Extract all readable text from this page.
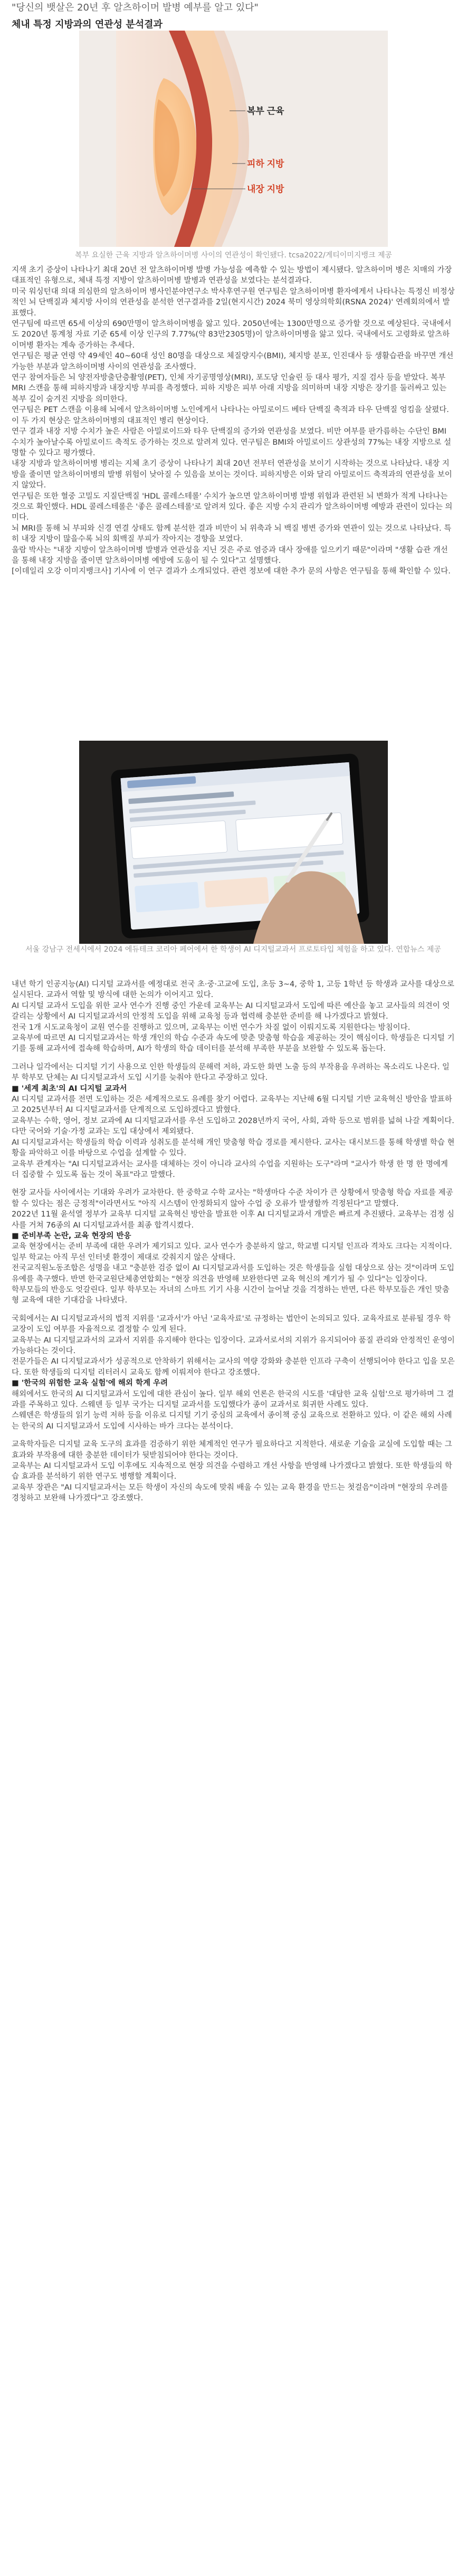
"당신의 뱃살은 20년 후 알츠하이머 발병 예부를 알고 있다"
체내 특정 지방과의 연관성 분석결과
복부 근육
피하 지방
내장 지방
복부 요실한 근육 지방과 알츠하이머병 사이의 연관성이 확인됐다. tcsa2022/게티이미지뱅크 제공

지색 초기 증상이 나타나기 최대 20년 전 알츠하이머병 발병 가능성을 예측할 수 있는 방법이 제시됐다. 알츠하이머 병은 치매의 가장 대표적인 유형으로, 체내 특정 지방이 알츠하이머병 발병과 연관성을 보였다는 분석결과다.

미국 워싱턴대 의대 의심한의 알츠하이머 병사인분야연구소 박사후연구원 연구팀은 알츠하이머병 환자에게서 나타나는 특정신 비정상적인 뇌 단백질과 체지방 사이의 연관성을 분석한 연구결과를 2일(현지시간) 2024 북미 영상의학회(RSNA 2024)' 연례회의에서 발표했다.

연구팀에 따르면 65세 이상의 690만명이 알츠하이머병을 앓고 있다. 2050년에는 1300만명으로 증가할 것으로 예상된다. 국내에서도 2020년 통계청 자료 기준 65세 이상 인구의 7.77%(약 83만2305명)이 알츠하이머병을 앓고 있다. 국내에서도 고령화로 알츠하이머병 환자는 계속 증가하는 추세다.

연구팀은 평균 연령 약 49세인 40~60대 성인 80명을 대상으로 체질량지수(BMI), 체지방 분포, 인진대사 등 생활습관을 바꾸면 개선 가능한 부분과 알츠하이머병 사이의 연관성을 조사했다.

연구 참여자들은 뇌 양전자방출단층촬영(PET), 인체 자기공명영상(MRI), 포도당 인슐린 등 대사 평가, 지질 검사 등을 받았다. 복부 MRI 스캔을 통해 피하지방과 내장지방 부피를 측정했다. 피하 지방은 피부 아래 지방을 의미하며 내장 지방은 장기를 둘러싸고 있는 복부 깊이 숨겨진 지방을 의미한다.

연구팀은 PET 스캔을 이용해 뇌에서 알츠하이머병 노인에게서 나타나는 아밀로이드 베타 단백질 축적과 타우 단백질 엉킴을 살폈다. 이 두 가지 현상은 알츠하이머병의 대표적인 병리 현상이다.

연구 결과 내장 지방 수치가 높은 사람은 아밀로이드와 타우 단백질의 증가와 연관성을 보였다. 비만 여부를 판가름하는 수단인 BMI 수치가 높아날수록 아밀로이드 축적도 증가하는 것으로 알려져 있다. 연구팀은 BMI와 아밀로이드 상관성의 77%는 내장 지방으로 설명할 수 있다고 평가했다.

내장 지방과 알츠하이머병 병리는 지체 초기 증상이 나타나기 최대 20년 전부터 연관성을 보이기 시작하는 것으로 나타났다. 내장 지방을 줄이면 알츠하이머병의 발병 위험이 낮아질 수 있음을 보이는 것이다. 피하지방은 이와 달리 아밀로이드 축적과의 연관성을 보이지 않았다.

연구팀은 또한 혈중 고밀도 지질단백질 'HDL 콜레스테롤' 수치가 높으면 알츠하이머병 발병 위험과 관련된 뇌 변화가 적게 나타나는 것으로 확인했다. HDL 콜레스테롤은 '좋은 콜레스테롤'로 알려져 있다. 좋은 지방 수치 관리가 알츠하이머병 예방과 관련이 있다는 의미다.

뇌 MRI를 통해 뇌 부피와 신경 연결 상태도 함께 분석한 결과 비만이 뇌 위축과 뇌 백질 병변 증가와 연관이 있는 것으로 나타났다. 특히 내장 지방이 많을수록 뇌의 회백질 부피가 작아지는 경향을 보였다.

울람 박사는 "내장 지방이 알츠하이머병 발병과 연관성을 지닌 것은 주로 염증과 대사 장애를 일으키기 때문"이라며 "생활 습관 개선을 통해 내장 지방을 줄이면 알츠하이머병 예방에 도움이 될 수 있다"고 설명했다.

[이데일리 오강 이미지뱅크사] 기사에 이 연구 결과가 소개되었다. 관련 정보에 대한 추가 문의 사항은 연구팀을 통해 확인할 수 있다.

서울 강남구 전세시에서 2024 에듀테크 코리아 페어에서 한 학생이 AI 디지털교과서 프로토타입 체험을 하고 있다. 연합뉴스 제공

내년 학기 인공지능(AI) 디지털 교과서를 예정대로 전국 초·중·고교에 도입, 초등 3~4, 중학 1, 고등 1학년 등 학생과 교사를 대상으로 실시된다. 교과서 역할 및 방식에 대한 논의가 이어지고 있다.

AI 디지털 교과서 도입을 위한 교사 연수가 진행 중인 가운데 교육부는 AI 디지털교과서 도입에 따른 예산을 놓고 교사들의 의견이 엇갈리는 상황에서 AI 디지털교과서의 안정적 도입을 위해 교육청 등과 협력해 충분한 준비를 해 나가겠다고 밝혔다.

전국 1개 시도교육청이 교원 연수를 진행하고 있으며, 교육부는 이번 연수가 차질 없이 이뤄지도록 지원한다는 방침이다.

교육부에 따르면 AI 디지털교과서는 학생 개인의 학습 수준과 속도에 맞춘 맞춤형 학습을 제공하는 것이 핵심이다. 학생들은 디지털 기기를 통해 교과서에 접속해 학습하며, AI가 학생의 학습 데이터를 분석해 부족한 부분을 보완할 수 있도록 돕는다.

그러나 일각에서는 디지털 기기 사용으로 인한 학생들의 문해력 저하, 과도한 화면 노출 등의 부작용을 우려하는 목소리도 나온다. 일부 학부모 단체는 AI 디지털교과서 도입 시기를 늦춰야 한다고 주장하고 있다.

■ '세계 최초'의 AI 디지털 교과서

AI 디지털 교과서를 전면 도입하는 것은 세계적으로도 유례를 찾기 어렵다. 교육부는 지난해 6월 디지털 기반 교육혁신 방안을 발표하고 2025년부터 AI 디지털교과서를 단계적으로 도입하겠다고 밝혔다.

교육부는 수학, 영어, 정보 교과에 AI 디지털교과서를 우선 도입하고 2028년까지 국어, 사회, 과학 등으로 범위를 넓혀 나갈 계획이다. 다만 국어와 기술·가정 교과는 도입 대상에서 제외됐다.

AI 디지털교과서는 학생들의 학습 이력과 성취도를 분석해 개인 맞춤형 학습 경로를 제시한다. 교사는 대시보드를 통해 학생별 학습 현황을 파악하고 이를 바탕으로 수업을 설계할 수 있다.

교육부 관계자는 "AI 디지털교과서는 교사를 대체하는 것이 아니라 교사의 수업을 지원하는 도구"라며 "교사가 학생 한 명 한 명에게 더 집중할 수 있도록 돕는 것이 목표"라고 말했다.

현장 교사들 사이에서는 기대와 우려가 교차한다. 한 중학교 수학 교사는 "학생마다 수준 차이가 큰 상황에서 맞춤형 학습 자료를 제공할 수 있다는 점은 긍정적"이라면서도 "아직 시스템이 안정화되지 않아 수업 중 오류가 발생할까 걱정된다"고 말했다.

2022년 11월 윤석열 정부가 교육부 디지털 교육혁신 방안을 발표한 이후 AI 디지털교과서 개발은 빠르게 추진됐다. 교육부는 검정 심사를 거쳐 76종의 AI 디지털교과서를 최종 합격시켰다.

■ 준비부족 논란, 교육 현장의 반응

교육 현장에서는 준비 부족에 대한 우려가 제기되고 있다. 교사 연수가 충분하지 않고, 학교별 디지털 인프라 격차도 크다는 지적이다. 일부 학교는 아직 무선 인터넷 환경이 제대로 갖춰지지 않은 상태다.

전국교직원노동조합은 성명을 내고 "충분한 검증 없이 AI 디지털교과서를 도입하는 것은 학생들을 실험 대상으로 삼는 것"이라며 도입 유예를 촉구했다. 반면 한국교원단체총연합회는 "현장 의견을 반영해 보완한다면 교육 혁신의 계기가 될 수 있다"는 입장이다.

학부모들의 반응도 엇갈린다. 일부 학부모는 자녀의 스마트 기기 사용 시간이 늘어날 것을 걱정하는 반면, 다른 학부모들은 개인 맞춤형 교육에 대한 기대감을 나타냈다.

국회에서는 AI 디지털교과서의 법적 지위를 '교과서'가 아닌 '교육자료'로 규정하는 법안이 논의되고 있다. 교육자료로 분류될 경우 학교장이 도입 여부를 자율적으로 결정할 수 있게 된다.

교육부는 AI 디지털교과서의 교과서 지위를 유지해야 한다는 입장이다. 교과서로서의 지위가 유지되어야 품질 관리와 안정적인 운영이 가능하다는 것이다.

전문가들은 AI 디지털교과서가 성공적으로 안착하기 위해서는 교사의 역량 강화와 충분한 인프라 구축이 선행되어야 한다고 입을 모은다. 또한 학생들의 디지털 리터러시 교육도 함께 이뤄져야 한다고 강조했다.

■ '한국의 위험한 교육 실험'에 해외 학계 우려

해외에서도 한국의 AI 디지털교과서 도입에 대한 관심이 높다. 일부 해외 언론은 한국의 시도를 '대담한 교육 실험'으로 평가하며 그 결과를 주목하고 있다. 스웨덴 등 일부 국가는 디지털 교과서를 도입했다가 종이 교과서로 회귀한 사례도 있다.

스웨덴은 학생들의 읽기 능력 저하 등을 이유로 디지털 기기 중심의 교육에서 종이책 중심 교육으로 전환하고 있다. 이 같은 해외 사례는 한국의 AI 디지털교과서 도입에 시사하는 바가 크다는 분석이다.

교육학자들은 디지털 교육 도구의 효과를 검증하기 위한 체계적인 연구가 필요하다고 지적한다. 새로운 기술을 교실에 도입할 때는 그 효과와 부작용에 대한 충분한 데이터가 뒷받침되어야 한다는 것이다.

교육부는 AI 디지털교과서 도입 이후에도 지속적으로 현장 의견을 수렴하고 개선 사항을 반영해 나가겠다고 밝혔다. 또한 학생들의 학습 효과를 분석하기 위한 연구도 병행할 계획이다.

교육부 장관은 "AI 디지털교과서는 모든 학생이 자신의 속도에 맞춰 배울 수 있는 교육 환경을 만드는 첫걸음"이라며 "현장의 우려를 경청하고 보완해 나가겠다"고 강조했다.
